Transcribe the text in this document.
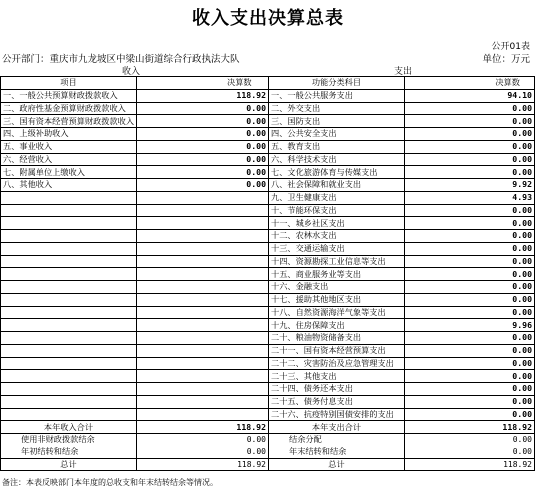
收入支出决算总表
公开01表
公开部门：重庆市九龙坡区中梁山街道综合行政执法大队	单位：万元
收入	支出
项目	决算数	功能分类科目	决算数
一、一般公共预算财政拨款收入	118.92	一、一般公共服务支出	94.10
二、政府性基金预算财政拨款收入	0.00	二、外交支出	0.00
三、国有资本经营预算财政拨款收入	0.00	三、国防支出	0.00
四、上级补助收入	0.00	四、公共安全支出	0.00
五、事业收入	0.00	五、教育支出	0.00
六、经营收入	0.00	六、科学技术支出	0.00
七、附属单位上缴收入	0.00	七、文化旅游体育与传媒支出	0.00
八、其他收入	0.00	八、社会保障和就业支出	9.92
		九、卫生健康支出	4.93
		十、节能环保支出	0.00
		十一、城乡社区支出	0.00
		十二、农林水支出	0.00
		十三、交通运输支出	0.00
		十四、资源勘探工业信息等支出	0.00
		十五、商业服务业等支出	0.00
		十六、金融支出	0.00
		十七、援助其他地区支出	0.00
		十八、自然资源海洋气象等支出	0.00
		十九、住房保障支出	9.96
		二十、粮油物资储备支出	0.00
		二十一、国有资本经营预算支出	0.00
		二十二、灾害防治及应急管理支出	0.00
		二十三、其他支出	0.00
		二十四、债务还本支出	0.00
		二十五、债务付息支出	0.00
		二十六、抗疫特别国债安排的支出	0.00
本年收入合计	118.92	本年支出合计	118.92
使用非财政拨款结余	0.00	结余分配	0.00
年初结转和结余	0.00	年末结转和结余	0.00
总计	118.92	总计	118.92
备注：本表反映部门本年度的总收支和年末结转结余等情况。
